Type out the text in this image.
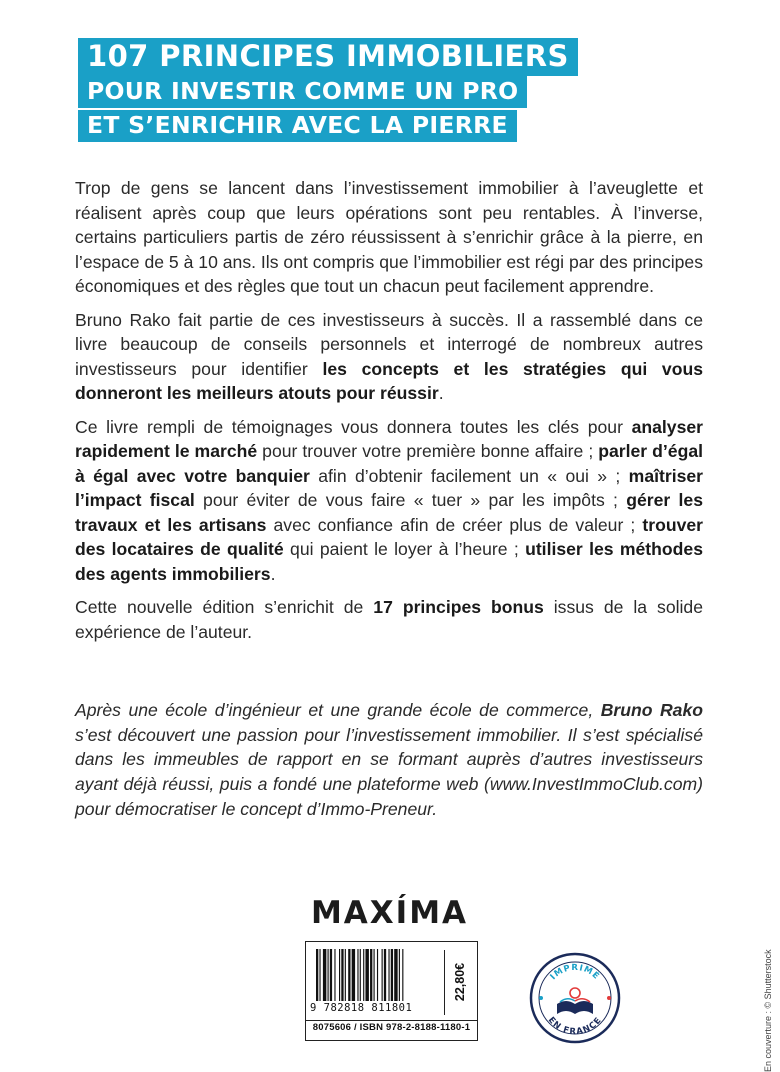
107 PRINCIPES IMMOBILIERS
POUR INVESTIR COMME UN PRO
ET S’ENRICHIR AVEC LA PIERRE

Trop de gens se lancent dans l’investissement immobilier à l’aveuglette et réalisent après coup que leurs opérations sont peu rentables. À l’inverse, certains particuliers partis de zéro réussissent à s’enrichir grâce à la pierre, en l’espace de 5 à 10 ans. Ils ont compris que l’immobilier est régi par des principes économiques et des règles que tout un chacun peut facilement apprendre.

Bruno Rako fait partie de ces investisseurs à succès. Il a rassemblé dans ce livre beaucoup de conseils personnels et interrogé de nombreux autres investisseurs pour identifier les concepts et les stratégies qui vous donneront les meilleurs atouts pour réussir.

Ce livre rempli de témoignages vous donnera toutes les clés pour analyser rapidement le marché pour trouver votre première bonne affaire ; parler d’égal à égal avec votre banquier afin d’obtenir facilement un « oui » ; maîtriser l’impact fiscal pour éviter de vous faire « tuer » par les impôts ; gérer les travaux et les artisans avec confiance afin de créer plus de valeur ; trouver des locataires de qualité qui paient le loyer à l’heure ; utiliser les méthodes des agents immobiliers.

Cette nouvelle édition s’enrichit de 17 principes bonus issus de la solide expérience de l’auteur.

Après une école d’ingénieur et une grande école de commerce, Bruno Rako s’est découvert une passion pour l’investissement immobilier. Il s’est spécialisé dans les immeubles de rapport en se formant auprès d’autres investisseurs ayant déjà réussi, puis a fondé une plateforme web (www.InvestImmoClub.com) pour démocratiser le concept d’Immo-Preneur.
MAXÍMA
9 782818 811801
22,80€
8075606 / ISBN 978-2-8188-1180-1
IMPRIMÉ
EN FRANCE	En couverture : © Shutterstock
